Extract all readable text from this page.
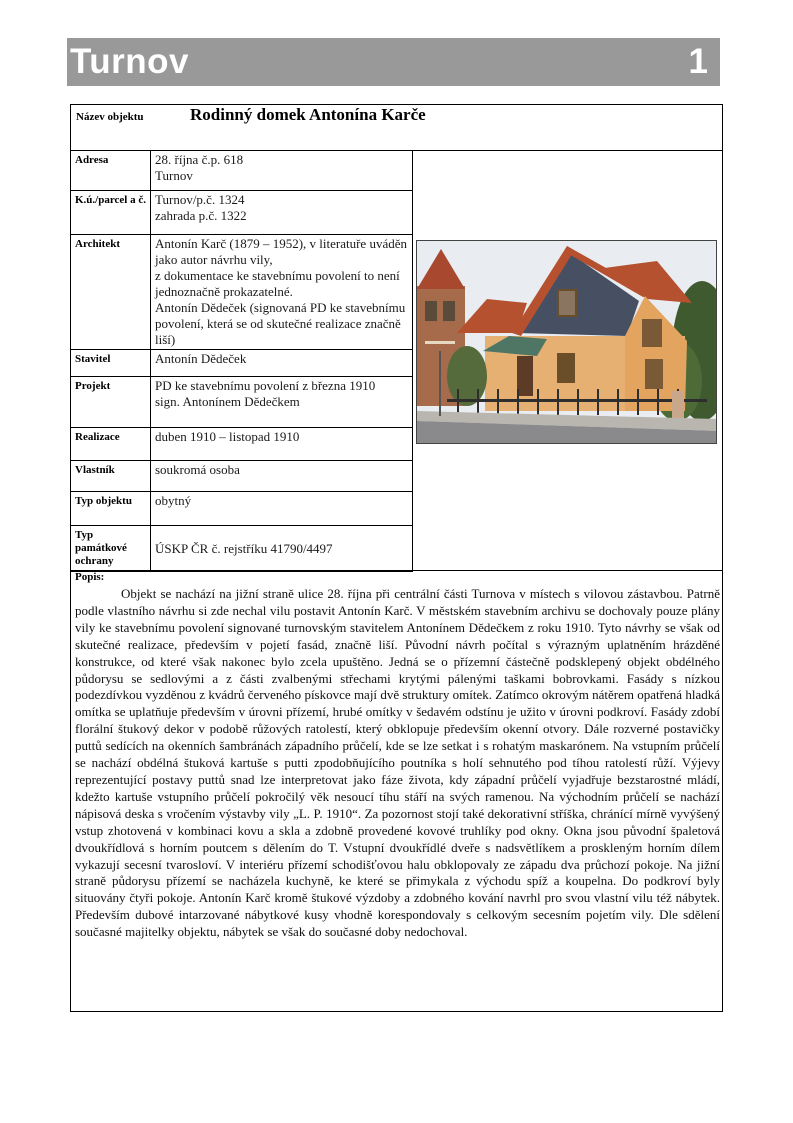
Turnov	1
Název objektu	Rodinný domek Antonína Karče
Adresa	28. října č.p. 618
Turnov

K.ú./parcel a č.	Turnov/p.č. 1324
zahrada p.č. 1322

Architekt	Antonín Karč (1879 – 1952), v literatuře uváděn jako autor návrhu vily,
z dokumentace ke stavebnímu povolení to není jednoznačně prokazatelné.
Antonín Dědeček (signovaná PD ke stavebnímu povolení, která se od skutečné realizace značně liší)

Stavitel	Antonín Dědeček

Projekt	PD ke stavebnímu povolení z března 1910
sign. Antonínem Dědečkem

Realizace	duben 1910 – listopad 1910

Vlastník	soukromá osoba

Typ objektu	obytný

Typ památkové ochrany	ÚSKP ČR č. rejstříku 41790/4497
Popis:

Objekt se nachází na jižní straně ulice 28. října při centrální části Turnova v místech s vilovou zástavbou. Patrně podle vlastního návrhu si zde nechal vilu postavit Antonín Karč. V městském stavebním archivu se dochovaly pouze plány vily ke stavebnímu povolení signované turnovským stavitelem Antonínem Dědečkem z roku 1910. Tyto návrhy se však od skutečné realizace, především v pojetí fasád, značně liší. Původní návrh počítal s výrazným uplatněním hrázděné konstrukce, od které však nakonec bylo zcela upuštěno. Jedná se o přízemní částečně podsklepený objekt obdélného půdorysu se sedlovými a z části zvalbenými střechami krytými pálenými taškami bobrovkami. Fasády s nízkou podezdívkou vyzděnou z kvádrů červeného pískovce mají dvě struktury omítek. Zatímco okrovým nátěrem opatřená hladká omítka se uplatňuje především v úrovni přízemí, hrubé omítky v šedavém odstínu je užito v úrovni podkroví. Fasády zdobí florální štukový dekor v podobě růžových ratolestí, který obklopuje především okenní otvory. Dále rozverné postavičky puttů sedících na okenních šambránách západního průčelí, kde se lze setkat i s rohatým maskarónem. Na vstupním průčelí se nachází obdélná štuková kartuše s putti zpodobňujícího poutníka s holí sehnutého pod tíhou ratolestí růží. Výjevy reprezentující postavy puttů snad lze interpretovat jako fáze života, kdy západní průčelí vyjadřuje bezstarostné mládí, kdežto kartuše vstupního průčelí pokročilý věk nesoucí tíhu stáří na svých ramenou. Na východním průčelí se nachází nápisová deska s vročením výstavby vily „L. P. 1910“. Za pozornost stojí také dekorativní stříška, chránící mírně vyvýšený vstup zhotovená v kombinaci kovu a skla a zdobně provedené kovové truhlíky pod okny. Okna jsou původní špaletová dvoukřídlová s horním poutcem s dělením do T. Vstupní dvoukřídlé dveře s nadsvětlíkem a proskleným horním dílem vykazují secesní tvarosloví. V interiéru přízemí schodišťovou halu obklopovaly ze západu dva průchozí pokoje. Na jižní straně půdorysu přízemí se nacházela kuchyně, ke které se přimykala z východu spíž a koupelna. Do podkroví byly situovány čtyři pokoje. Antonín Karč kromě štukové výzdoby a zdobného kování navrhl pro svou vlastní vilu též nábytek. Především dubové intarzované nábytkové kusy vhodně korespondovaly s celkovým secesním pojetím vily. Dle sdělení současné majitelky objektu, nábytek se však do současné doby nedochoval.
